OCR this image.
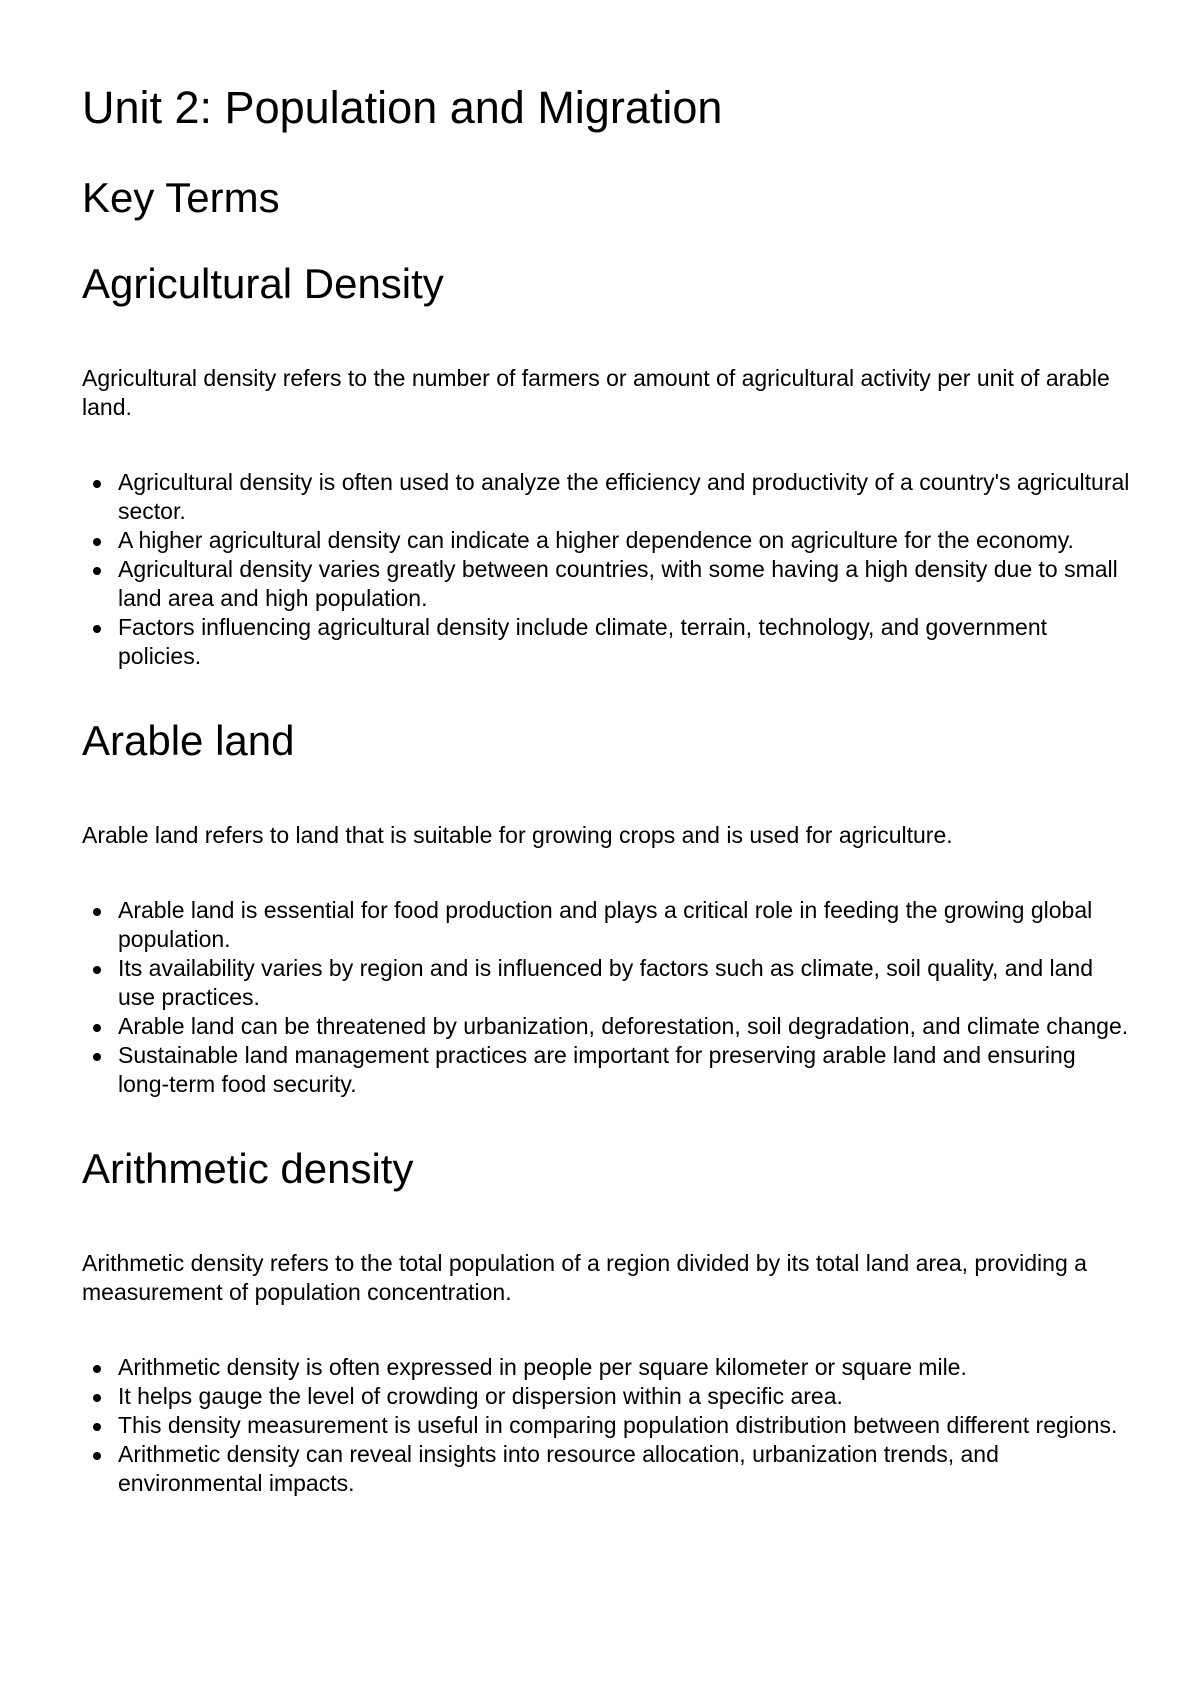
Unit 2: Population and Migration
Key Terms
Agricultural Density

Agricultural density refers to the number of farmers or amount of agricultural activity per unit of arable land.

Agricultural density is often used to analyze the efficiency and productivity of a country's agricultural sector.
A higher agricultural density can indicate a higher dependence on agriculture for the economy.
Agricultural density varies greatly between countries, with some having a high density due to small land area and high population.
Factors influencing agricultural density include climate, terrain, technology, and government policies.
Arable land

Arable land refers to land that is suitable for growing crops and is used for agriculture.

Arable land is essential for food production and plays a critical role in feeding the growing global population.
Its availability varies by region and is influenced by factors such as climate, soil quality, and land use practices.
Arable land can be threatened by urbanization, deforestation, soil degradation, and climate change.
Sustainable land management practices are important for preserving arable land and ensuring long-term food security.
Arithmetic density

Arithmetic density refers to the total population of a region divided by its total land area, providing a measurement of population concentration.

Arithmetic density is often expressed in people per square kilometer or square mile.
It helps gauge the level of crowding or dispersion within a specific area.
This density measurement is useful in comparing population distribution between different regions.
Arithmetic density can reveal insights into resource allocation, urbanization trends, and environmental impacts.
